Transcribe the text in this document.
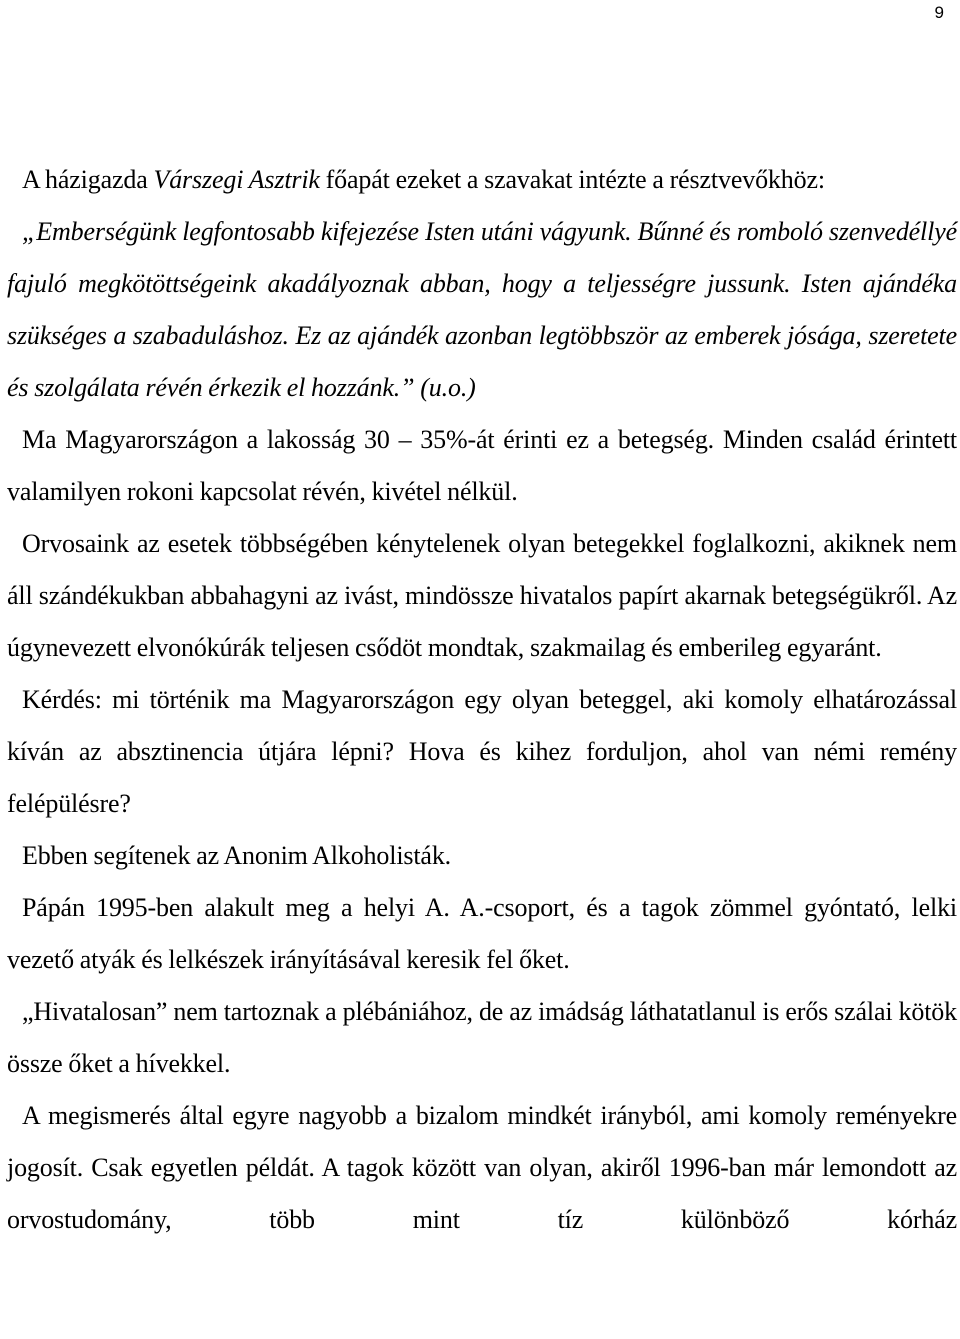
9

A házigazda Várszegi Asztrik főapát ezeket a szavakat intézte a résztvevőkhöz:

„Emberségünk legfontosabb kifejezése Isten utáni vágyunk. Bűnné és romboló szenvedéllyé fajuló megkötöttségeink akadályoznak abban, hogy a teljességre jussunk. Isten ajándéka szükséges a szabaduláshoz. Ez az ajándék azonban legtöbbször az emberek jósága, szeretete és szolgálata révén érkezik el hozzánk.” (u.o.)

Ma Magyarországon a lakosság 30 – 35%-át érinti ez a betegség. Minden család érintett valamilyen rokoni kapcsolat révén, kivétel nélkül.

Orvosaink az esetek többségében kénytelenek olyan betegekkel foglalkozni, akiknek nem áll szándékukban abbahagyni az ivást, mindössze hivatalos papírt akarnak betegségükről. Az úgynevezett elvonókúrák teljesen csődöt mondtak, szakmailag és emberileg egyaránt.

Kérdés: mi történik ma Magyarországon egy olyan beteggel, aki komoly elhatározással kíván az absztinencia útjára lépni? Hova és kihez forduljon, ahol van némi remény felépülésre?

Ebben segítenek az Anonim Alkoholisták.

Pápán 1995-ben alakult meg a helyi A. A.-csoport, és a tagok zömmel gyóntató, lelki vezető atyák és lelkészek irányításával keresik fel őket.

„Hivatalosan” nem tartoznak a plébániához, de az imádság láthatatlanul is erős szálai kötök össze őket a hívekkel.

A megismerés által egyre nagyobb a bizalom mindkét irányból, ami komoly reményekre jogosít. Csak egyetlen példát. A tagok között van olyan, akiről 1996-ban már lemondott az orvostudomány, több mint tíz különböző kórház
